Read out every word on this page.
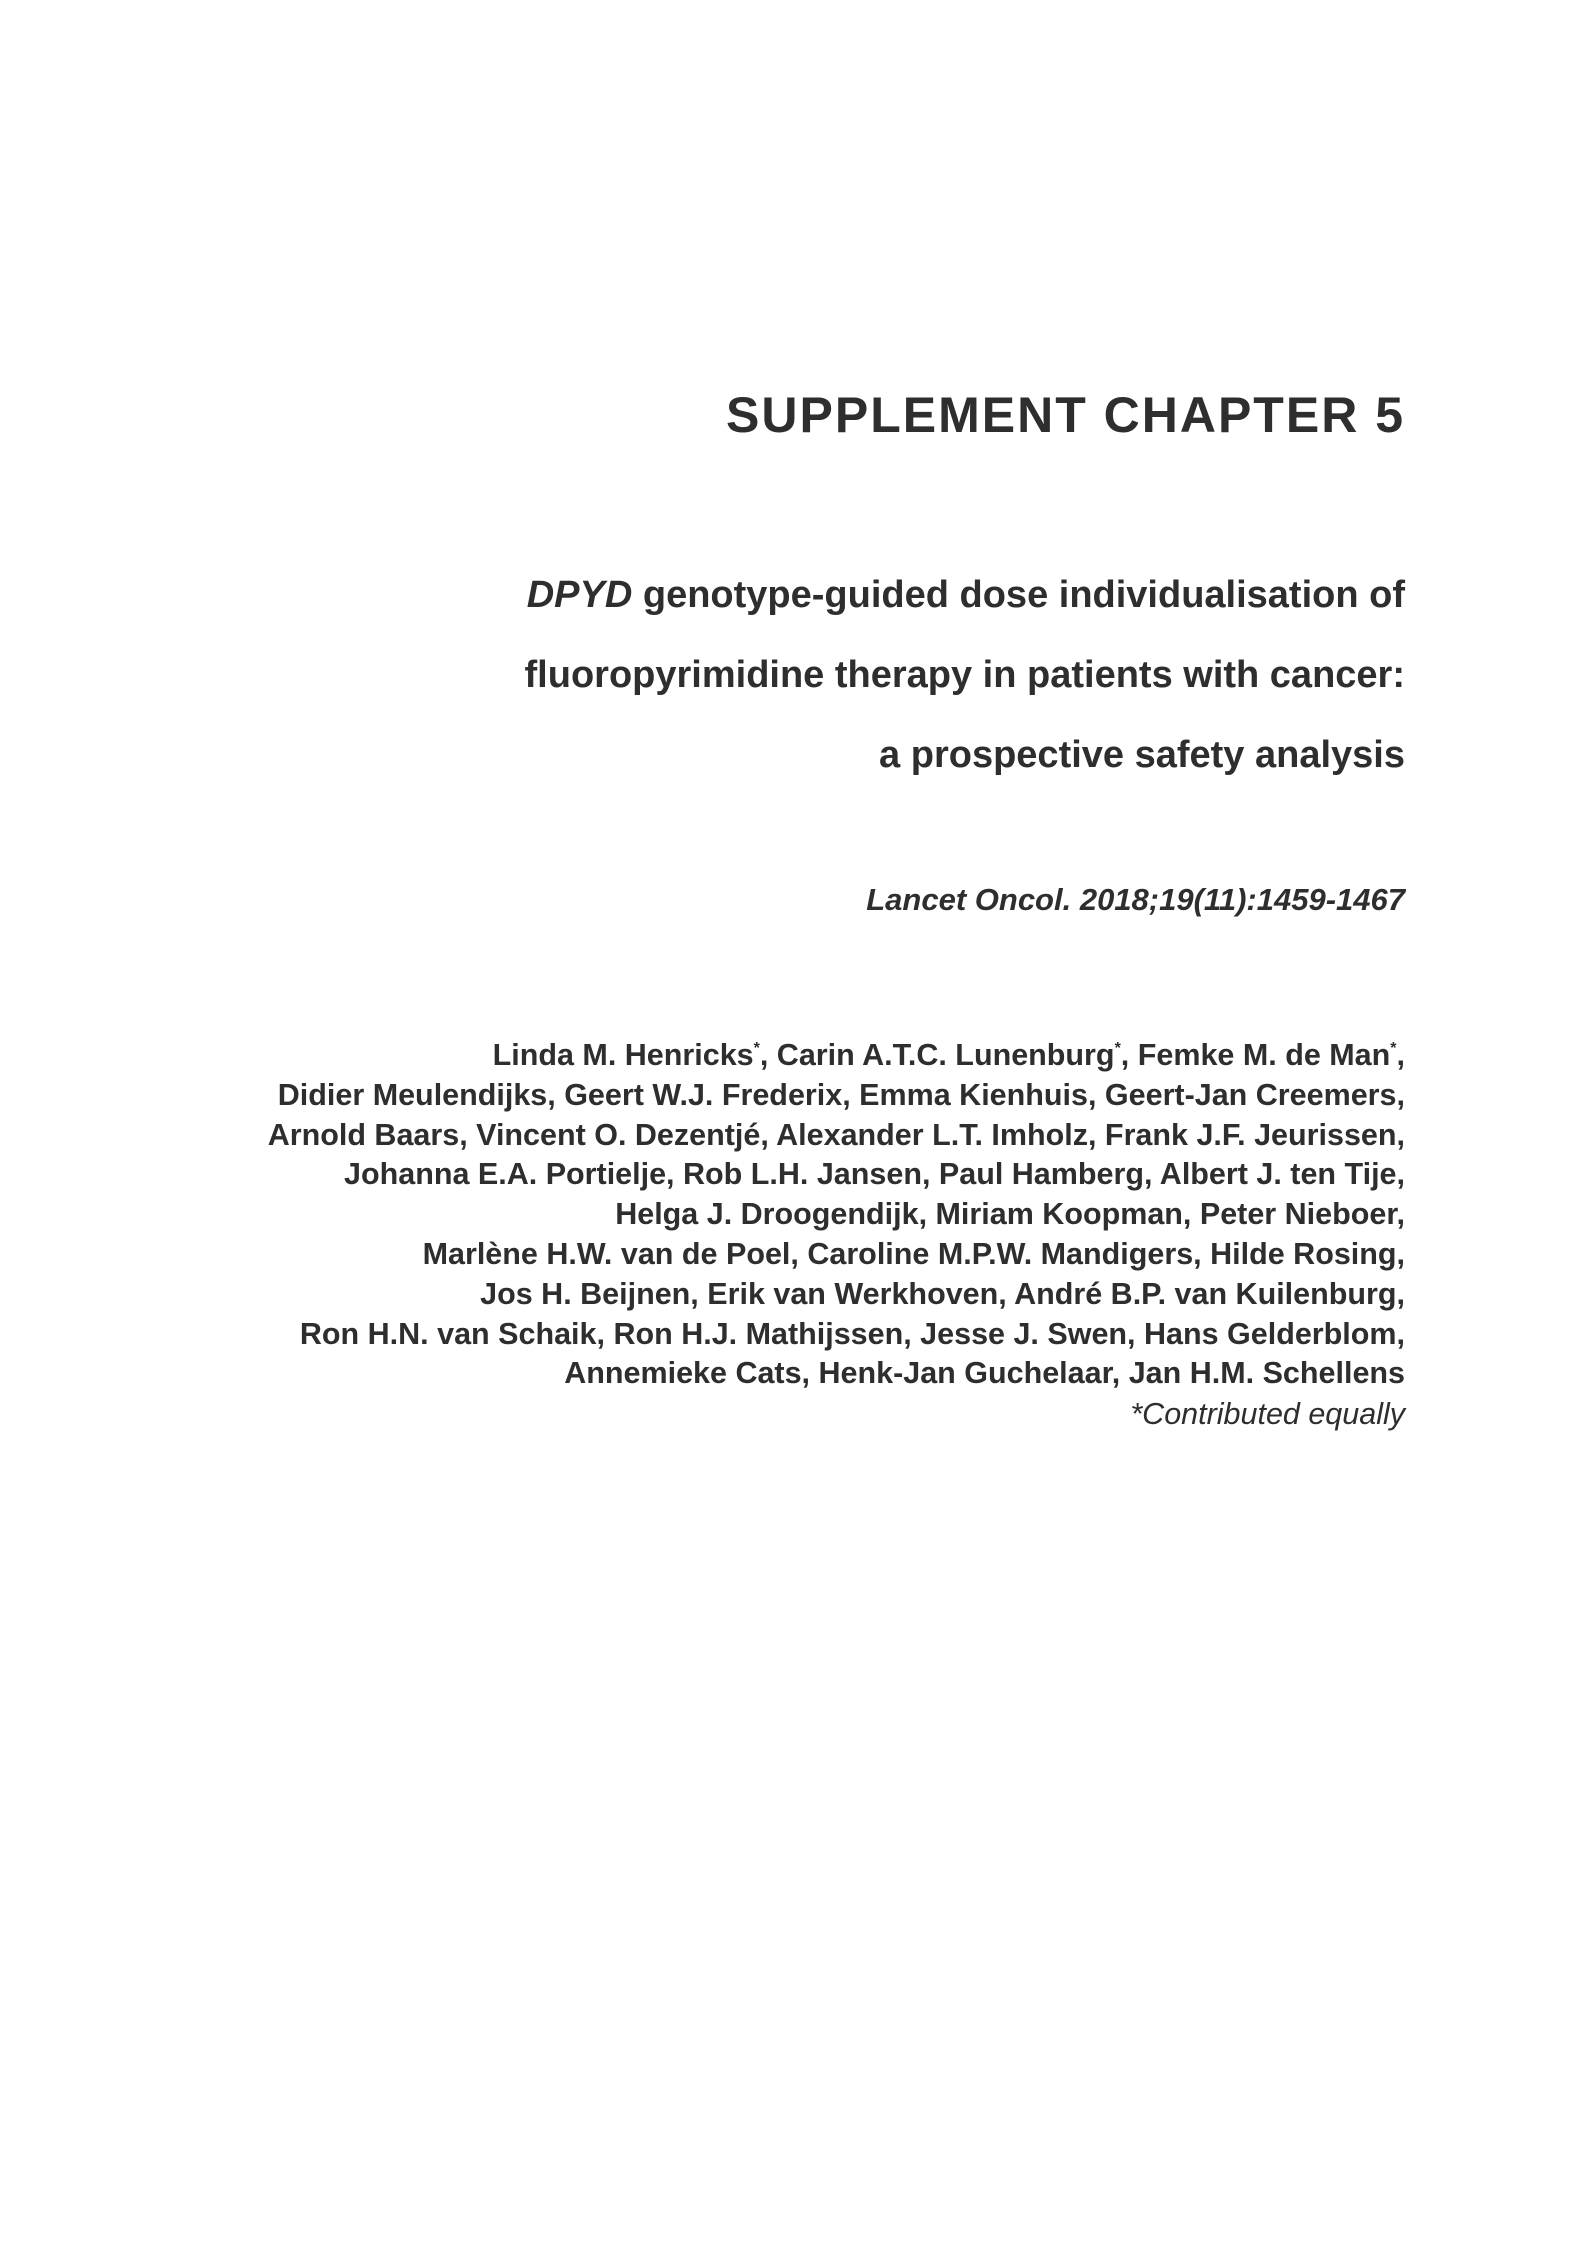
SUPPLEMENT CHAPTER 5
DPYD genotype-guided dose individualisation of
fluoropyrimidine therapy in patients with cancer:
a prospective safety analysis
Lancet Oncol. 2018;19(11):1459-1467
Linda M. Henricks*, Carin A.T.C. Lunenburg*, Femke M. de Man*,
Didier Meulendijks, Geert W.J. Frederix, Emma Kienhuis, Geert-Jan Creemers,
Arnold Baars, Vincent O. Dezentjé, Alexander L.T. Imholz, Frank J.F. Jeurissen,
Johanna E.A. Portielje, Rob L.H. Jansen, Paul Hamberg, Albert J. ten Tije,
Helga J. Droogendijk, Miriam Koopman, Peter Nieboer,
Marlène H.W. van de Poel, Caroline M.P.W. Mandigers, Hilde Rosing,
Jos H. Beijnen, Erik van Werkhoven, André B.P. van Kuilenburg,
Ron H.N. van Schaik, Ron H.J. Mathijssen, Jesse J. Swen, Hans Gelderblom,
Annemieke Cats, Henk-Jan Guchelaar, Jan H.M. Schellens
*Contributed equally
